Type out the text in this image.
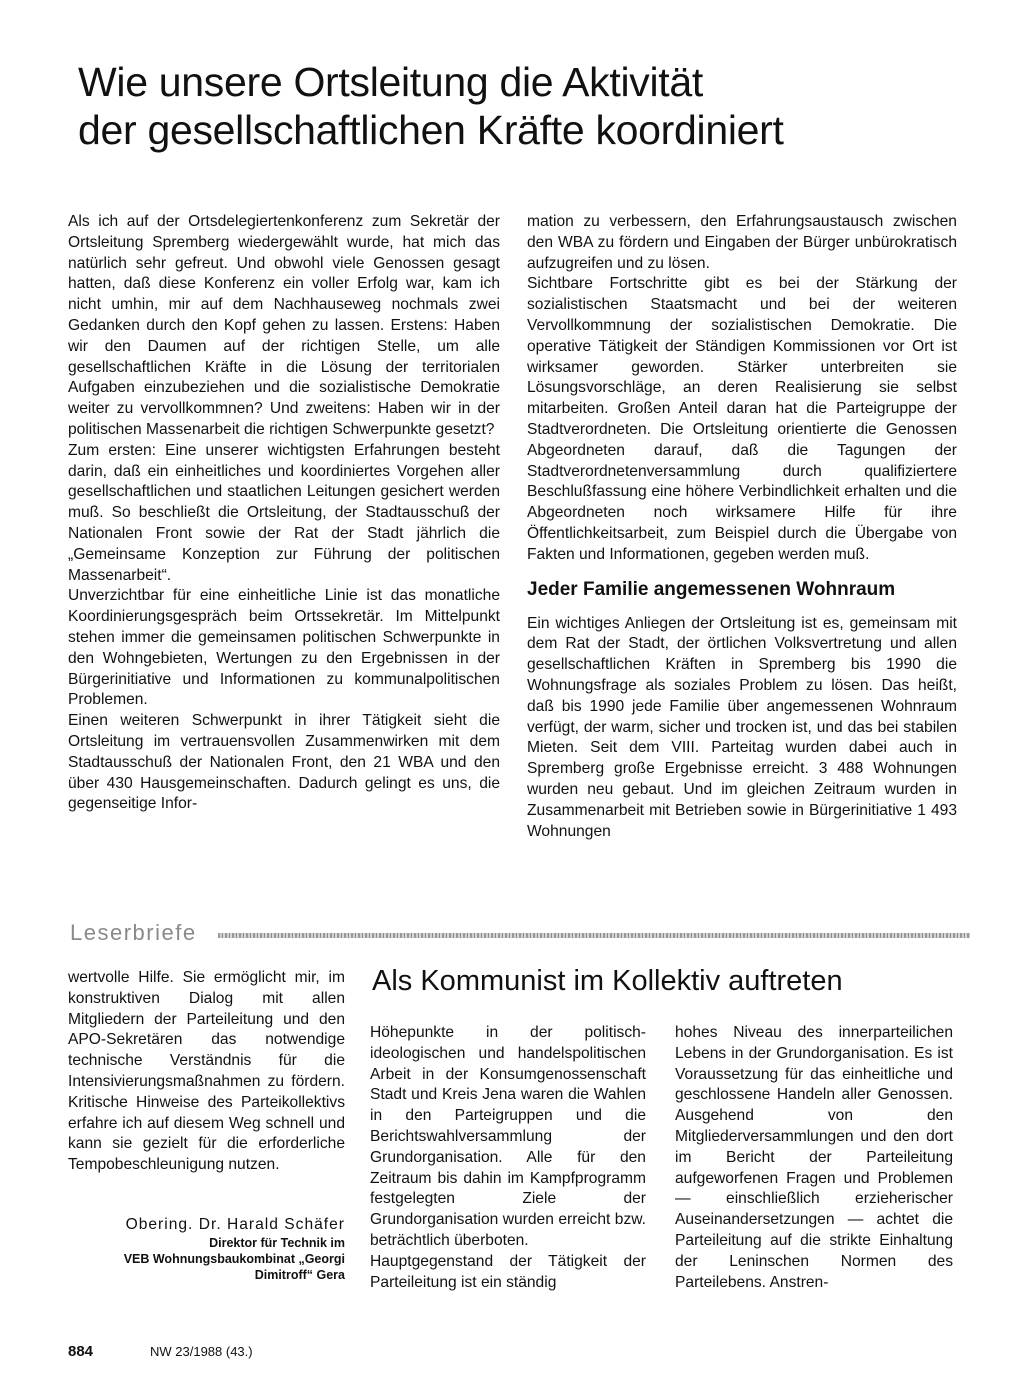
Wie unsere Ortsleitung die Aktivität
der gesellschaftlichen Kräfte koordiniert

Als ich auf der Ortsdelegiertenkonferenz zum Sekretär der Ortsleitung Spremberg wiedergewählt wurde, hat mich das natürlich sehr gefreut. Und obwohl viele Genossen gesagt hatten, daß diese Konferenz ein voller Erfolg war, kam ich nicht umhin, mir auf dem Nachhauseweg nochmals zwei Gedanken durch den Kopf gehen zu lassen. Erstens: Haben wir den Daumen auf der richtigen Stelle, um alle gesellschaftlichen Kräfte in die Lösung der territorialen Aufgaben einzubeziehen und die sozialistische Demokratie weiter zu vervollkommnen? Und zweitens: Haben wir in der politischen Massenarbeit die richtigen Schwerpunkte gesetzt?

Zum ersten: Eine unserer wichtigsten Erfahrungen besteht darin, daß ein einheitliches und koordiniertes Vorgehen aller gesellschaftlichen und staatlichen Leitungen gesichert werden muß. So beschließt die Ortsleitung, der Stadtausschuß der Nationalen Front sowie der Rat der Stadt jährlich die „Gemeinsame Konzeption zur Führung der politischen Massenarbeit“.

Unverzichtbar für eine einheitliche Linie ist das monatliche Koordinierungsgespräch beim Ortssekretär. Im Mittelpunkt stehen immer die gemeinsamen politischen Schwerpunkte in den Wohngebieten, Wertungen zu den Ergebnissen in der Bürgerinitiative und Informationen zu kommunalpolitischen Problemen.

Einen weiteren Schwerpunkt in ihrer Tätigkeit sieht die Ortsleitung im vertrauensvollen Zusammenwirken mit dem Stadtausschuß der Nationalen Front, den 21 WBA und den über 430 Hausgemeinschaften. Dadurch gelingt es uns, die gegenseitige Infor-

mation zu verbessern, den Erfahrungsaustausch zwischen den WBA zu fördern und Eingaben der Bürger unbürokratisch aufzugreifen und zu lösen.

Sichtbare Fortschritte gibt es bei der Stärkung der sozialistischen Staatsmacht und bei der weiteren Vervollkommnung der sozialistischen Demokratie. Die operative Tätigkeit der Ständigen Kommissionen vor Ort ist wirksamer geworden. Stärker unterbreiten sie Lösungsvorschläge, an deren Realisierung sie selbst mitarbeiten. Großen Anteil daran hat die Parteigruppe der Stadtverordneten. Die Ortsleitung orientierte die Genossen Abgeordneten darauf, daß die Tagungen der Stadtverordnetenversammlung durch qualifiziertere Beschlußfassung eine höhere Verbindlichkeit erhalten und die Abgeordneten noch wirksamere Hilfe für ihre Öffentlichkeitsarbeit, zum Beispiel durch die Übergabe von Fakten und Informationen, gegeben werden muß.

Jeder Familie angemessenen Wohnraum

Ein wichtiges Anliegen der Ortsleitung ist es, gemeinsam mit dem Rat der Stadt, der örtlichen Volksvertretung und allen gesellschaftlichen Kräften in Spremberg bis 1990 die Wohnungsfrage als soziales Problem zu lösen. Das heißt, daß bis 1990 jede Familie über angemessenen Wohnraum verfügt, der warm, sicher und trocken ist, und das bei stabilen Mieten. Seit dem VIII. Parteitag wurden dabei auch in Spremberg große Ergebnisse erreicht. 3 488 Wohnungen wurden neu gebaut. Und im gleichen Zeitraum wurden in Zusammenarbeit mit Betrieben sowie in Bürgerinitiative 1 493 Wohnungen

Leserbriefe

wertvolle Hilfe. Sie ermöglicht mir, im konstruktiven Dialog mit allen Mitgliedern der Parteileitung und den APO-Sekretären das notwendige technische Verständnis für die Intensivierungsmaßnahmen zu fördern. Kritische Hinweise des Parteikollektivs erfahre ich auf diesem Weg schnell und kann sie gezielt für die erforderliche Tempobeschleunigung nutzen.

Obering. Dr. Harald Schäfer
Direktor für Technik im
VEB Wohnungsbaukombinat „Georgi
Dimitroff“ Gera
Als Kommunist im Kollektiv auftreten

Höhepunkte in der politisch-ideologischen und handelspolitischen Arbeit in der Konsumgenossenschaft Stadt und Kreis Jena waren die Wahlen in den Parteigruppen und die Berichtswahlversammlung der Grundorganisation. Alle für den Zeitraum bis dahin im Kampfprogramm festgelegten Ziele der Grundorganisation wurden erreicht bzw. beträchtlich überboten.

Hauptgegenstand der Tätigkeit der Parteileitung ist ein ständig

hohes Niveau des innerparteilichen Lebens in der Grundorganisation. Es ist Voraussetzung für das einheitliche und geschlossene Handeln aller Genossen. Ausgehend von den Mitgliederversammlungen und den dort im Bericht der Parteileitung aufgeworfenen Fragen und Problemen — einschließlich erzieherischer Auseinandersetzungen — achtet die Parteileitung auf die strikte Einhaltung der Leninschen Normen des Parteilebens. Anstren-

884	NW 23/1988 (43.)
